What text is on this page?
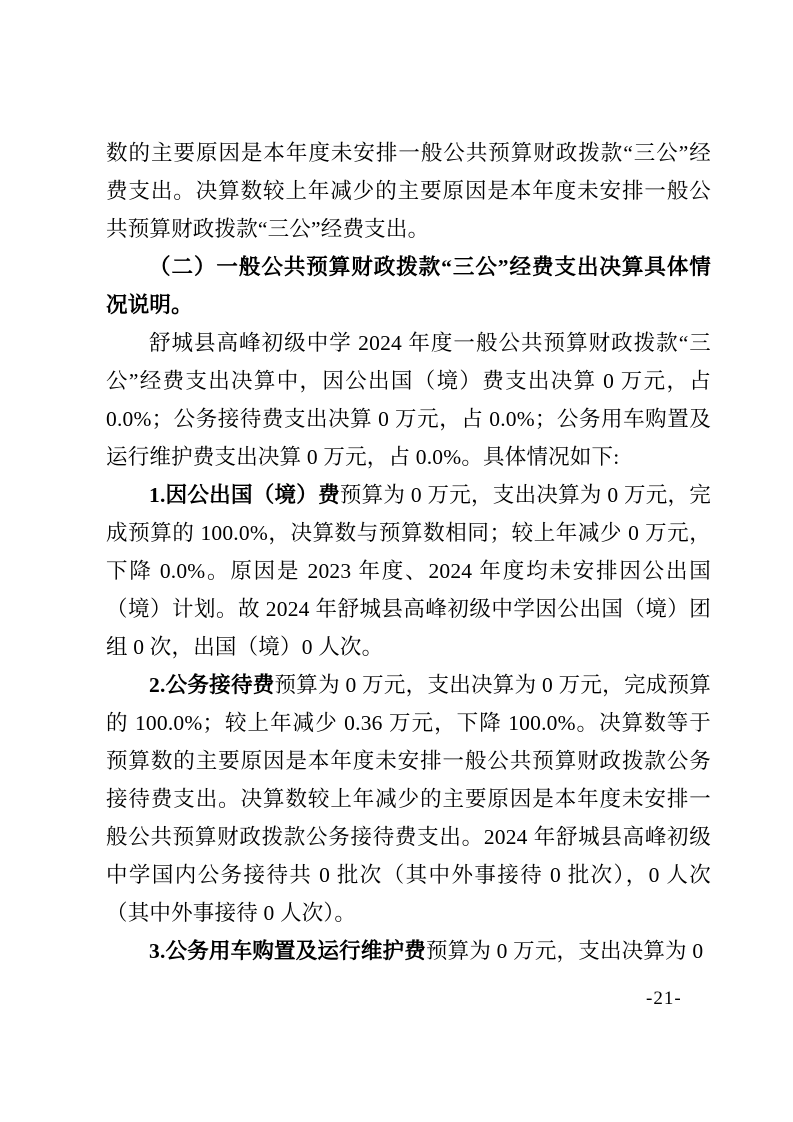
数的主要原因是本年度未安排一般公共预算财政拨款“三公”经费支出。决算数较上年减少的主要原因是本年度未安排一般公共预算财政拨款“三公”经费支出。

（二）一般公共预算财政拨款“三公”经费支出决算具体情况说明。

舒城县高峰初级中学 2024 年度一般公共预算财政拨款“三公”经费支出决算中，因公出国（境）费支出决算 0 万元，占 0.0%；公务接待费支出决算 0 万元，占 0.0%；公务用车购置及运行维护费支出决算 0 万元，占 0.0%。具体情况如下:

1.因公出国（境）费预算为 0 万元，支出决算为 0 万元，完成预算的 100.0%，决算数与预算数相同；较上年减少 0 万元，下降 0.0%。原因是 2023 年度、2024 年度均未安排因公出国（境）计划。故 2024 年舒城县高峰初级中学因公出国（境）团组 0 次，出国（境）0 人次。

2.公务接待费预算为 0 万元，支出决算为 0 万元，完成预算的 100.0%；较上年减少 0.36 万元，下降 100.0%。决算数等于预算数的主要原因是本年度未安排一般公共预算财政拨款公务接待费支出。决算数较上年减少的主要原因是本年度未安排一般公共预算财政拨款公务接待费支出。2024 年舒城县高峰初级中学国内公务接待共 0 批次（其中外事接待 0 批次），0 人次（其中外事接待 0 人次）。

3.公务用车购置及运行维护费预算为 0 万元，支出决算为 0

-21-
